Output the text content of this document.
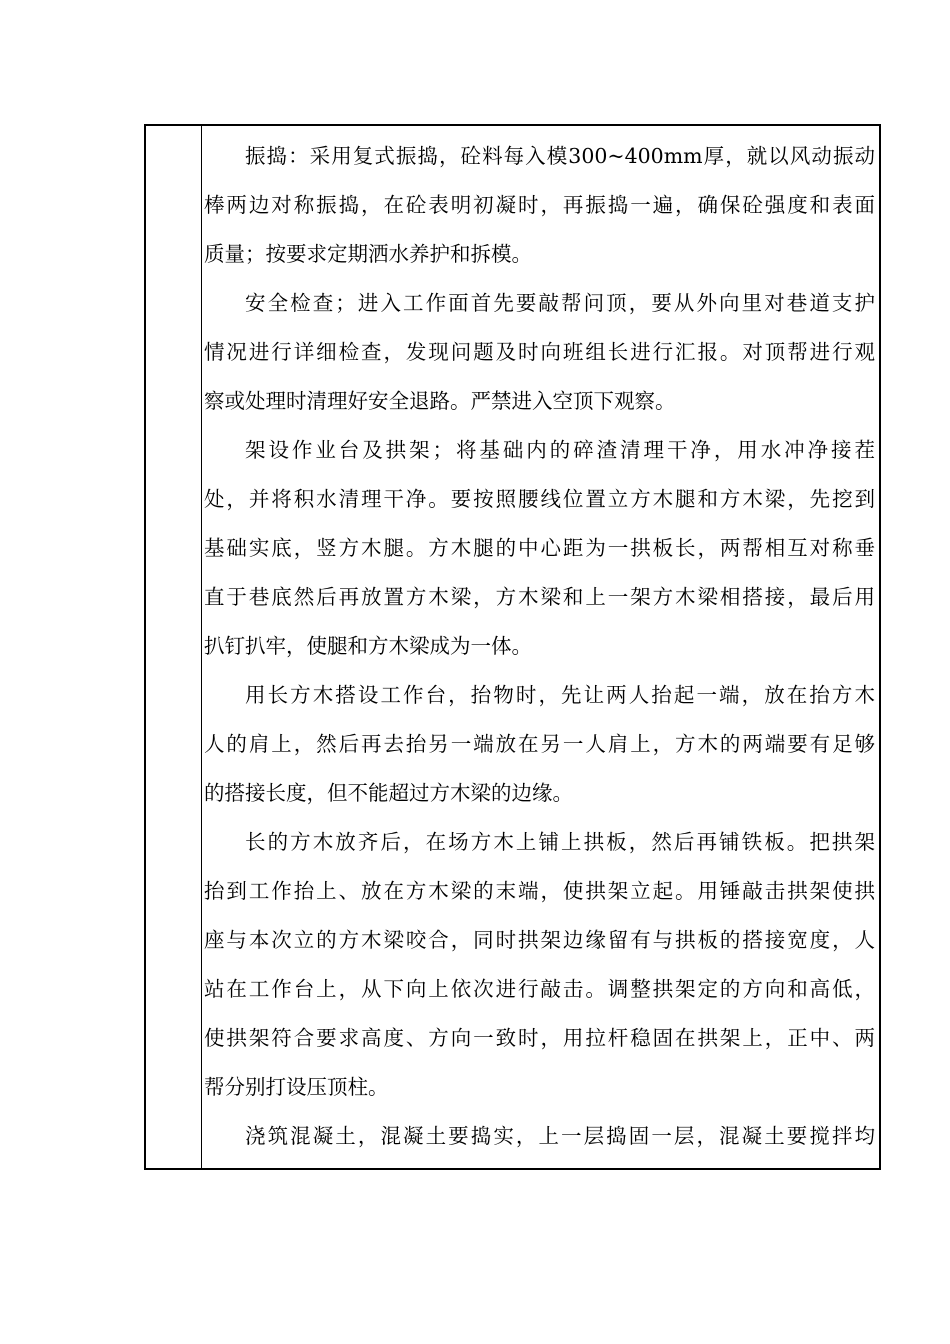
振捣：采用复式振捣，砼料每入模300~400mm厚，就以风动振动
棒两边对称振捣，在砼表明初凝时，再振捣一遍，确保砼强度和表面
质量；按要求定期洒水养护和拆模。
安全检查；进入工作面首先要敲帮问顶，要从外向里对巷道支护
情况进行详细检查，发现问题及时向班组长进行汇报。对顶帮进行观
察或处理时清理好安全退路。严禁进入空顶下观察。
架设作业台及拱架；将基础内的碎渣清理干净，用水冲净接茬
处，并将积水清理干净。要按照腰线位置立方木腿和方木梁，先挖到
基础实底，竖方木腿。方木腿的中心距为一拱板长，两帮相互对称垂
直于巷底然后再放置方木梁，方木梁和上一架方木梁相搭接，最后用
扒钉扒牢，使腿和方木梁成为一体。
用长方木搭设工作台，抬物时，先让两人抬起一端，放在抬方木
人的肩上，然后再去抬另一端放在另一人肩上，方木的两端要有足够
的搭接长度，但不能超过方木梁的边缘。
长的方木放齐后，在场方木上铺上拱板，然后再铺铁板。把拱架
抬到工作抬上、放在方木梁的末端，使拱架立起。用锤敲击拱架使拱
座与本次立的方木梁咬合，同时拱架边缘留有与拱板的搭接宽度，人
站在工作台上，从下向上依次进行敲击。调整拱架定的方向和高低，
使拱架符合要求高度、方向一致时，用拉杆稳固在拱架上，正中、两
帮分别打设压顶柱。
浇筑混凝土，混凝土要捣实，上一层捣固一层，混凝土要搅拌均
